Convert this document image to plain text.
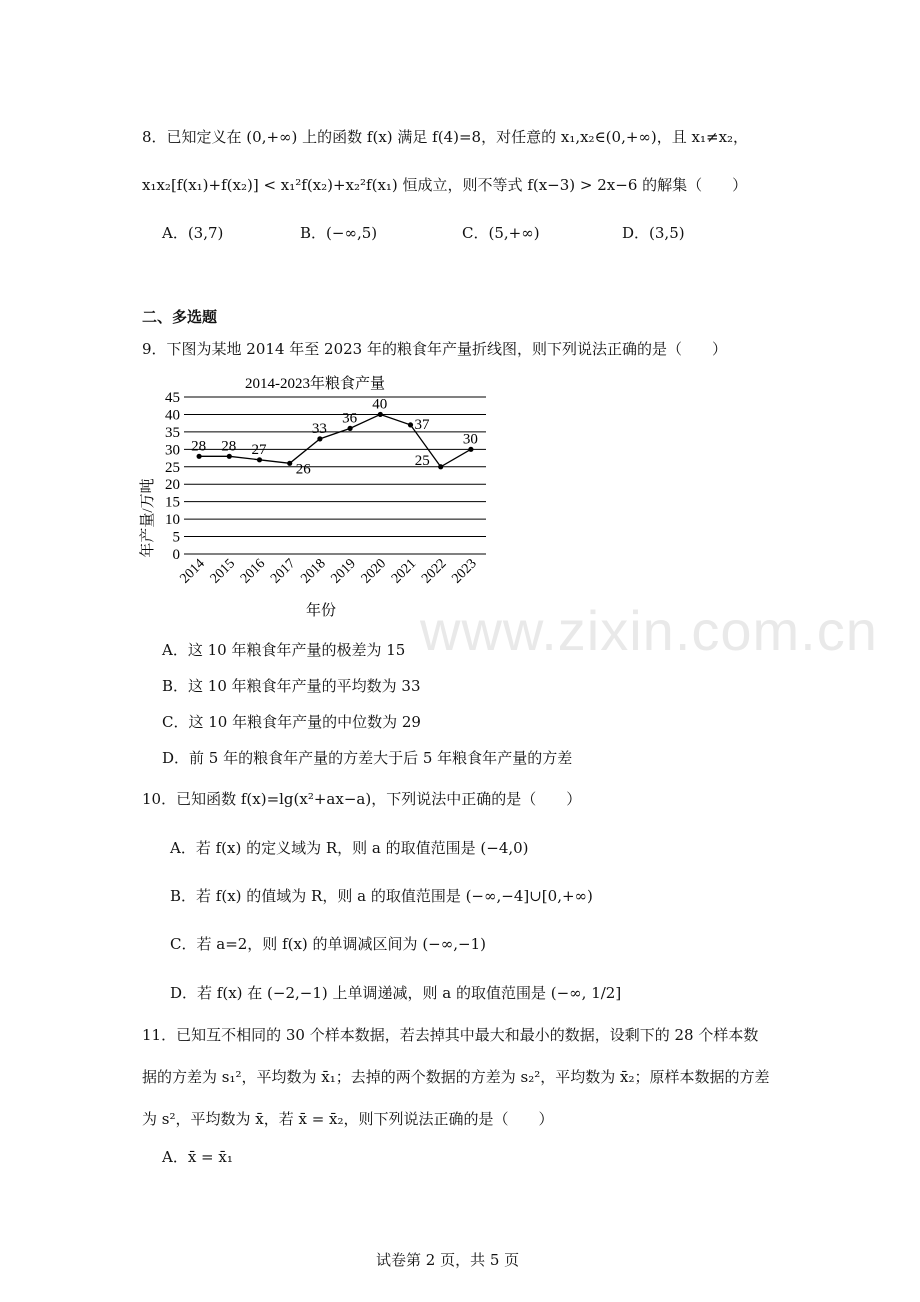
www.zixin.com.cn
8．已知定义在 (0,+∞) 上的函数 f(x) 满足 f(4)=8，对任意的 x₁,x₂∈(0,+∞)，且 x₁≠x₂，
x₁x₂[f(x₁)+f(x₂)] < x₁²f(x₂)+x₂²f(x₁) 恒成立，则不等式 f(x−3) > 2x−6 的解集（　　）
A．(3,7)	B．(−∞,5)	C．(5,+∞)	D．(3,5)
二、多选题
9．下图为某地 2014 年至 2023 年的粮食年产量折线图，则下列说法正确的是（　　）
2014-2023年粮食产量
0
5
10
15
20
25
30
35
40
45
2014 2015 2016 2017 2018 2019 2020 2021 2022 2023
28 28 27
26
33
36
40
37
25
30
年产量/万吨
年份
A．这 10 年粮食年产量的极差为 15
B．这 10 年粮食年产量的平均数为 33
C．这 10 年粮食年产量的中位数为 29
D．前 5 年的粮食年产量的方差大于后 5 年粮食年产量的方差
10．已知函数 f(x)=lg(x²+ax−a)，下列说法中正确的是（　　）
A．若 f(x) 的定义域为 R，则 a 的取值范围是 (−4,0)
B．若 f(x) 的值域为 R，则 a 的取值范围是 (−∞,−4]∪[0,+∞)
C．若 a=2，则 f(x) 的单调减区间为 (−∞,−1)
D．若 f(x) 在 (−2,−1) 上单调递减，则 a 的取值范围是 (−∞, 1/2]
11．已知互不相同的 30 个样本数据，若去掉其中最大和最小的数据，设剩下的 28 个样本数
据的方差为 s₁²，平均数为 x̄₁；去掉的两个数据的方差为 s₂²，平均数为 x̄₂；原样本数据的方差
为 s²，平均数为 x̄，若 x̄ = x̄₂，则下列说法正确的是（　　）
A．x̄ = x̄₁
试卷第 2 页，共 5 页
